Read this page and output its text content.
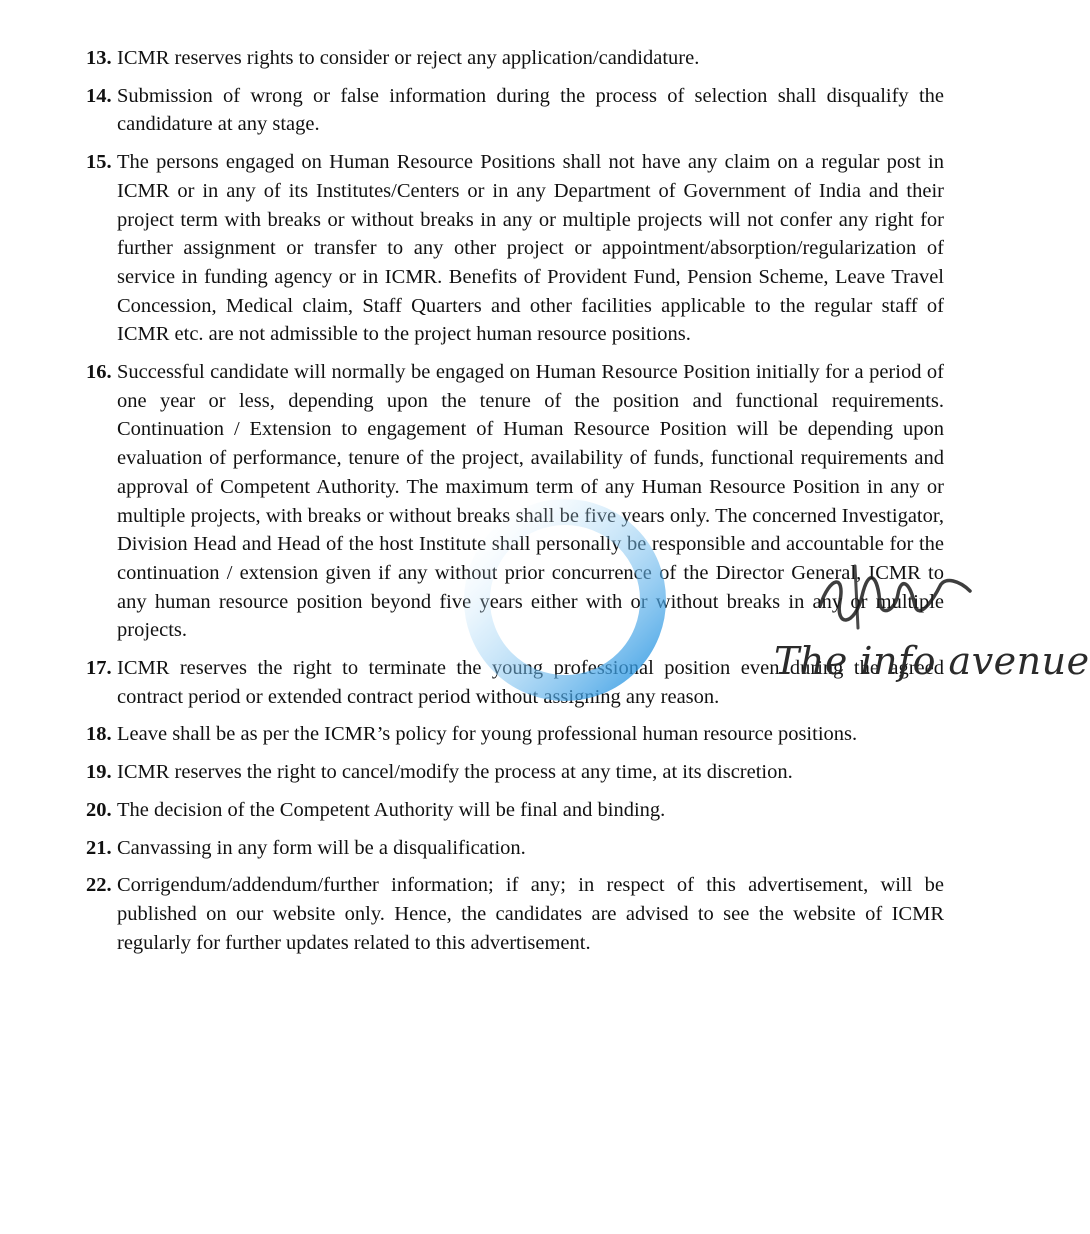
13. ICMR reserves rights to consider or reject any application/candidature.
14. Submission of wrong or false information during the process of selection shall disqualify the candidature at any stage.
15. The persons engaged on Human Resource Positions shall not have any claim on a regular post in ICMR or in any of its Institutes/Centers or in any Department of Government of India and their project term with breaks or without breaks in any or multiple projects will not confer any right for further assignment or transfer to any other project or appointment/absorption/regularization of service in funding agency or in ICMR. Benefits of Provident Fund, Pension Scheme, Leave Travel Concession, Medical claim, Staff Quarters and other facilities applicable to the regular staff of ICMR etc. are not admissible to the project human resource positions.
16. Successful candidate will normally be engaged on Human Resource Position initially for a period of one year or less, depending upon the tenure of the position and functional requirements. Continuation / Extension to engagement of Human Resource Position will be depending upon evaluation of performance, tenure of the project, availability of funds, functional requirements and approval of Competent Authority. The maximum term of any Human Resource Position in any or multiple projects, with breaks or without breaks shall be five years only. The concerned Investigator, Division Head and Head of the host Institute shall personally be responsible and accountable for the continuation / extension given if any without prior concurrence of the Director General, ICMR to any human resource position beyond five years either with or without breaks in any or multiple projects.
17. ICMR reserves the right to terminate the young professional position even during the agreed contract period or extended contract period without assigning any reason.
18. Leave shall be as per the ICMR’s policy for young professional human resource positions.
19. ICMR reserves the right to cancel/modify the process at any time, at its discretion.
20. The decision of the Competent Authority will be final and binding.
21. Canvassing in any form will be a disqualification.
22. Corrigendum/addendum/further information; if any; in respect of this advertisement, will be published on our website only. Hence, the candidates are advised to see the website of ICMR regularly for further updates related to this advertisement.
The info avenue
